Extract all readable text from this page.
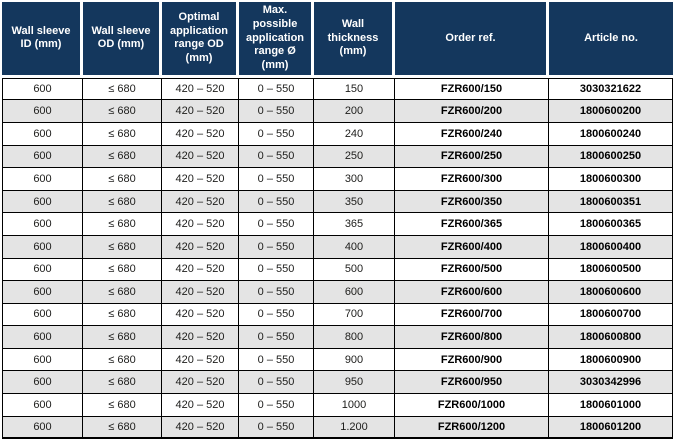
Wall sleeve ID (mm)	Wall sleeve OD (mm)	Optimal application range OD (mm)	Max. possible application range Ø (mm)	Wall thickness (mm)	Order ref.	Article no.
600	≤ 680	420 – 520	0 – 550	150	FZR600/150	3030321622
600	≤ 680	420 – 520	0 – 550	200	FZR600/200	1800600200
600	≤ 680	420 – 520	0 – 550	240	FZR600/240	1800600240
600	≤ 680	420 – 520	0 – 550	250	FZR600/250	1800600250
600	≤ 680	420 – 520	0 – 550	300	FZR600/300	1800600300
600	≤ 680	420 – 520	0 – 550	350	FZR600/350	1800600351
600	≤ 680	420 – 520	0 – 550	365	FZR600/365	1800600365
600	≤ 680	420 – 520	0 – 550	400	FZR600/400	1800600400
600	≤ 680	420 – 520	0 – 550	500	FZR600/500	1800600500
600	≤ 680	420 – 520	0 – 550	600	FZR600/600	1800600600
600	≤ 680	420 – 520	0 – 550	700	FZR600/700	1800600700
600	≤ 680	420 – 520	0 – 550	800	FZR600/800	1800600800
600	≤ 680	420 – 520	0 – 550	900	FZR600/900	1800600900
600	≤ 680	420 – 520	0 – 550	950	FZR600/950	3030342996
600	≤ 680	420 – 520	0 – 550	1000	FZR600/1000	1800601000
600	≤ 680	420 – 520	0 – 550	1.200	FZR600/1200	1800601200
